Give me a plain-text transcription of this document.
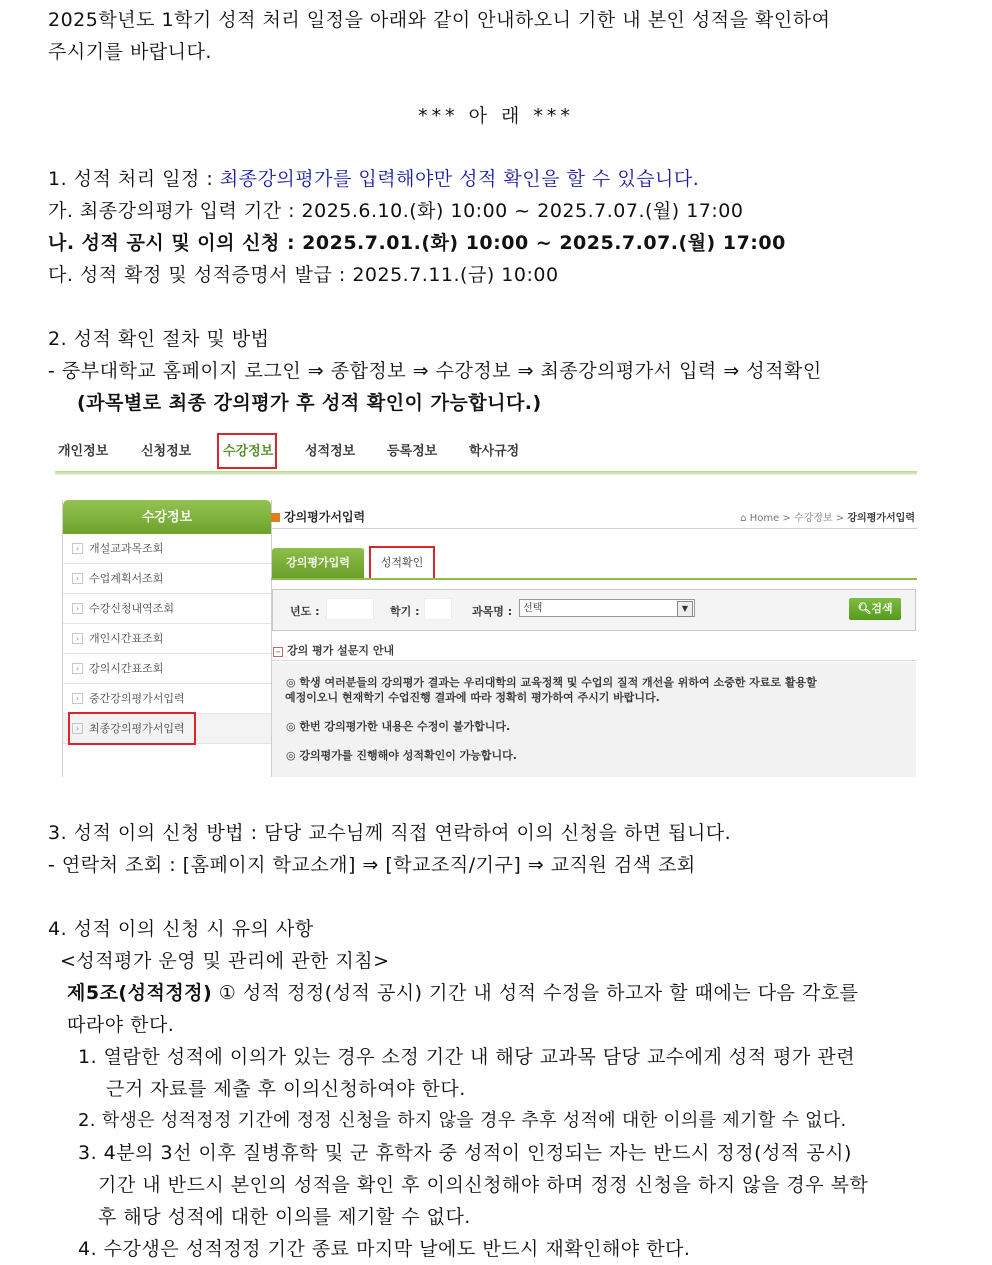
2025학년도 1학기 성적 처리 일정을 아래와 같이 안내하오니 기한 내 본인 성적을 확인하여
주시기를 바랍니다.
*** 아 래 ***
1. 성적 처리 일정 : 최종강의평가를 입력해야만 성적 확인을 할 수 있습니다.
가. 최종강의평가 입력 기간 : 2025.6.10.(화) 10:00 ~ 2025.7.07.(월) 17:00
나. 성적 공시 및 이의 신청 : 2025.7.01.(화) 10:00 ~ 2025.7.07.(월) 17:00
다. 성적 확정 및 성적증명서 발급 : 2025.7.11.(금) 10:00
2. 성적 확인 절차 및 방법
- 중부대학교 홈페이지 로그인 ⇒ 종합정보 ⇒ 수강정보 ⇒ 최종강의평가서 입력 ⇒ 성적확인
(과목별로 최종 강의평가 후 성적 확인이 가능합니다.)
개인정보	신청정보 수강정보 성적정보 등록정보 학사규정
수강정보
› 개설교과목조회
› 수업계획서조회
› 수강신청내역조회
› 개인시간표조회
› 강의시간표조회
› 중간강의평가서입력
› 최종강의평가서입력
강의평가서입력	⌂ Home > 수강정보 > 강의평가서입력
강의평가입력	성적확인
년도 :	학기 :	과목명 :	선택	▼	🔍︎검색
− 강의 평가 설문지 안내
◎ 학생 여러분들의 강의평가 결과는 우리대학의 교육정책 및 수업의 질적 개선을 위하여 소중한 자료로 활용할
예정이오니 현재학기 수업진행 결과에 따라 정확히 평가하여 주시기 바랍니다.
◎ 한번 강의평가한 내용은 수정이 불가합니다.
◎ 강의평가를 진행해야 성적확인이 가능합니다.
3. 성적 이의 신청 방법 : 담당 교수님께 직접 연락하여 이의 신청을 하면 됩니다.
- 연락처 조회 : [홈페이지 학교소개] ⇒ [학교조직/기구] ⇒ 교직원 검색 조회
4. 성적 이의 신청 시 유의 사항
<성적평가 운영 및 관리에 관한 지침>
제5조(성적정정) ① 성적 정정(성적 공시) 기간 내 성적 수정을 하고자 할 때에는 다음 각호를
따라야 한다.
1. 열람한 성적에 이의가 있는 경우 소정 기간 내 해당 교과목 담당 교수에게 성적 평가 관련
근거 자료를 제출 후 이의신청하여야 한다.
2. 학생은 성적정정 기간에 정정 신청을 하지 않을 경우 추후 성적에 대한 이의를 제기할 수 없다.
3. 4분의 3선 이후 질병휴학 및 군 휴학자 중 성적이 인정되는 자는 반드시 정정(성적 공시)
기간 내 반드시 본인의 성적을 확인 후 이의신청해야 하며 정정 신청을 하지 않을 경우 복학
후 해당 성적에 대한 이의를 제기할 수 없다.
4. 수강생은 성적정정 기간 종료 마지막 날에도 반드시 재확인해야 한다.
